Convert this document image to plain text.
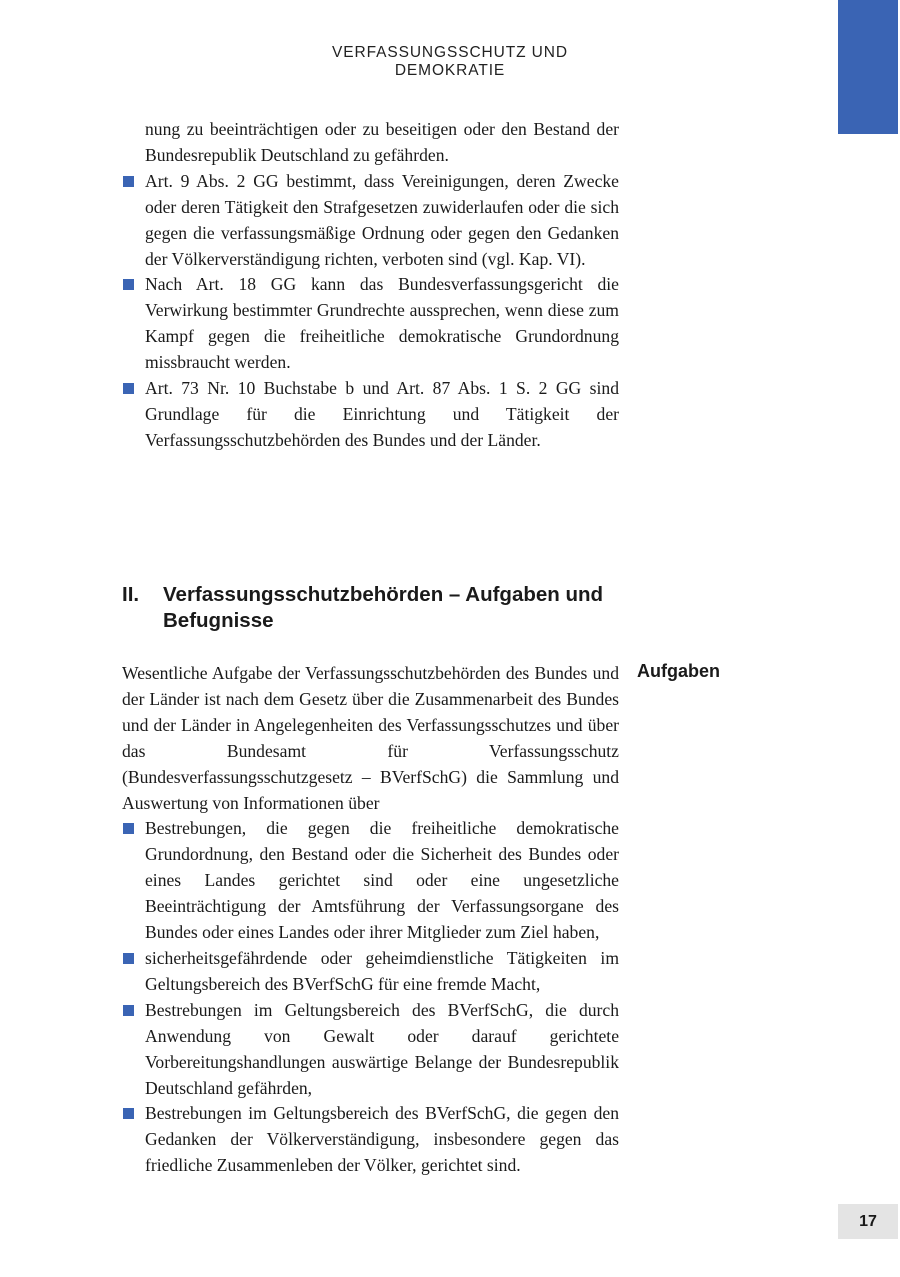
VERFASSUNGSSCHUTZ UND DEMOKRATIE

nung zu beeinträchtigen oder zu beseitigen oder den Bestand der Bundesrepublik Deutschland zu gefährden.

Art. 9 Abs. 2 GG bestimmt, dass Vereinigungen, deren Zwecke oder deren Tätigkeit den Strafgesetzen zuwiderlaufen oder die sich gegen die verfassungsmäßige Ordnung oder gegen den Gedanken der Völkerverständigung richten, verboten sind (vgl. Kap. VI).
Nach Art. 18 GG kann das Bundesverfassungsgericht die Verwirkung bestimmter Grundrechte aussprechen, wenn diese zum Kampf gegen die freiheitliche demokratische Grundordnung missbraucht werden.
Art. 73 Nr. 10 Buchstabe b und Art. 87 Abs. 1 S. 2 GG sind Grundlage für die Einrichtung und Tätigkeit der Verfassungsschutzbehörden des Bundes und der Länder.
II. Verfassungsschutzbehörden – Aufgaben und Befugnisse
Aufgaben

Wesentliche Aufgabe der Verfassungsschutzbehörden des Bundes und der Länder ist nach dem Gesetz über die Zusammenarbeit des Bundes und der Länder in Angelegenheiten des Verfassungsschutzes und über das Bundesamt für Verfassungsschutz (Bundesverfassungsschutzgesetz – BVerfSchG) die Sammlung und Auswertung von Informationen über

Bestrebungen, die gegen die freiheitliche demokratische Grundordnung, den Bestand oder die Sicherheit des Bundes oder eines Landes gerichtet sind oder eine ungesetzliche Beeinträchtigung der Amtsführung der Verfassungsorgane des Bundes oder eines Landes oder ihrer Mitglieder zum Ziel haben,
sicherheitsgefährdende oder geheimdienstliche Tätigkeiten im Geltungsbereich des BVerfSchG für eine fremde Macht,
Bestrebungen im Geltungsbereich des BVerfSchG, die durch Anwendung von Gewalt oder darauf gerichtete Vorbereitungshandlungen auswärtige Belange der Bundesrepublik Deutschland gefährden,
Bestrebungen im Geltungsbereich des BVerfSchG, die gegen den Gedanken der Völkerverständigung, insbesondere gegen das friedliche Zusammenleben der Völker, gerichtet sind.
17
